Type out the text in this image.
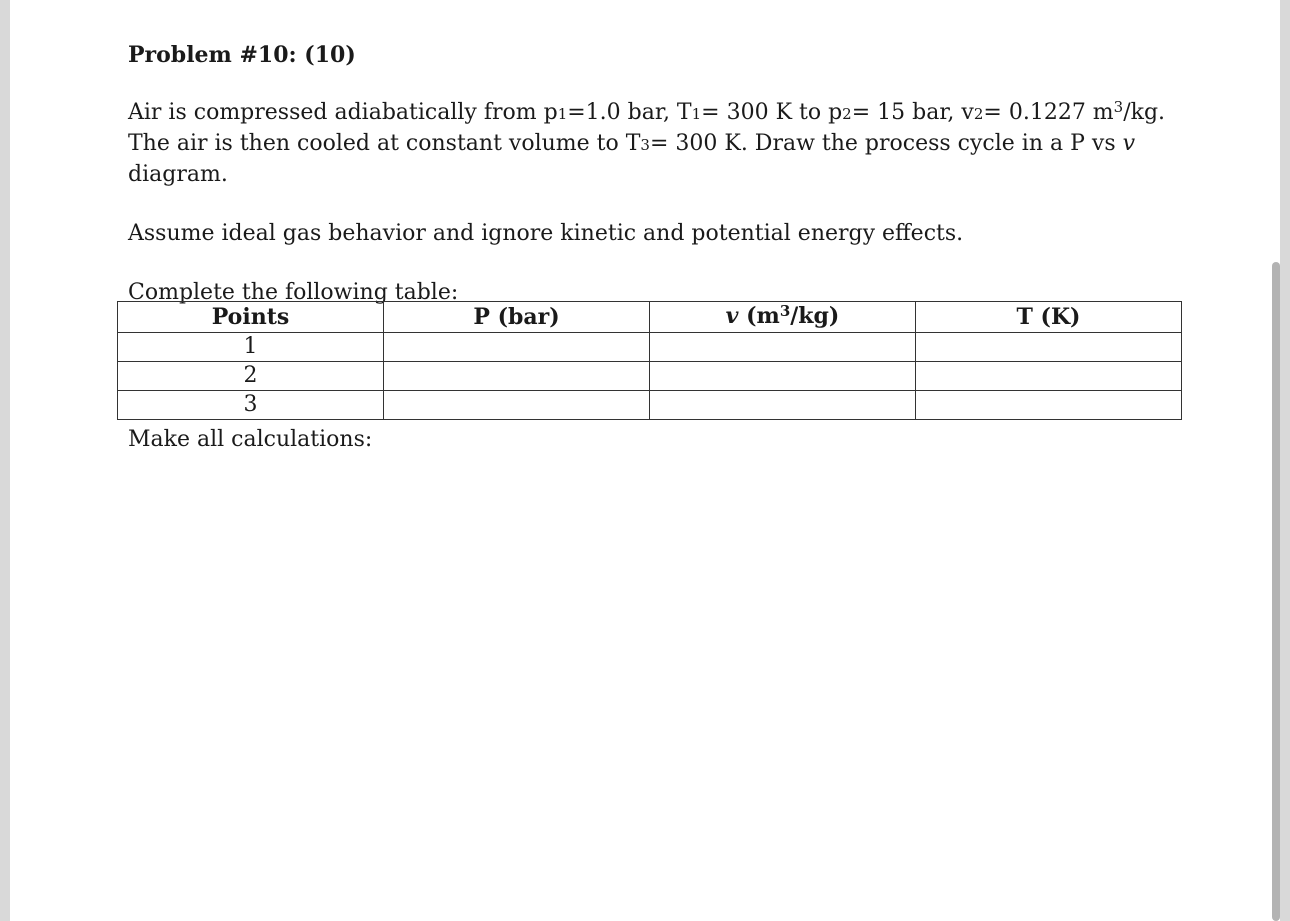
Problem #10: (10)

Air is compressed adiabatically from p1=1.0 bar, T1= 300 K to p2= 15 bar, v2= 0.1227 $m^3/kg$. The air is then cooled at constant volume to T3= 300 K. Draw the process cycle in a P vs v diagram.

Assume ideal gas behavior and ignore kinetic and potential energy effects.

Complete the following table:

Points	P (bar)	v $(m^3/kg)$	T (K)
1			
2			
3			

Make all calculations:
